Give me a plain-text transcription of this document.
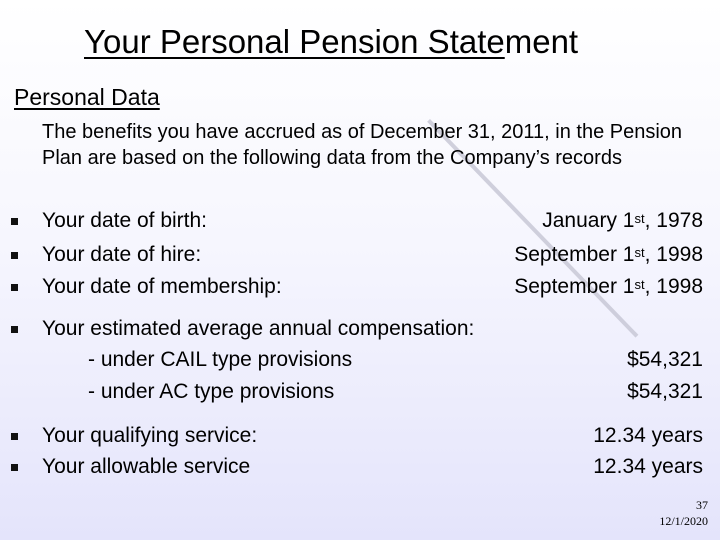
Your Personal Pension Statement
Personal Data
The benefits you have accrued as of December 31, 2011, in the Pension Plan are based on the following data from the Company’s records
Your date of birth:	January 1st, 1978
Your date of hire:	September 1st, 1998
Your date of membership:	September 1st, 1998
Your estimated average annual compensation:
- under CAIL type provisions	$54,321
- under AC type provisions	$54,321
Your qualifying service:	12.34 years
Your allowable service	12.34 years
37
12/1/2020
